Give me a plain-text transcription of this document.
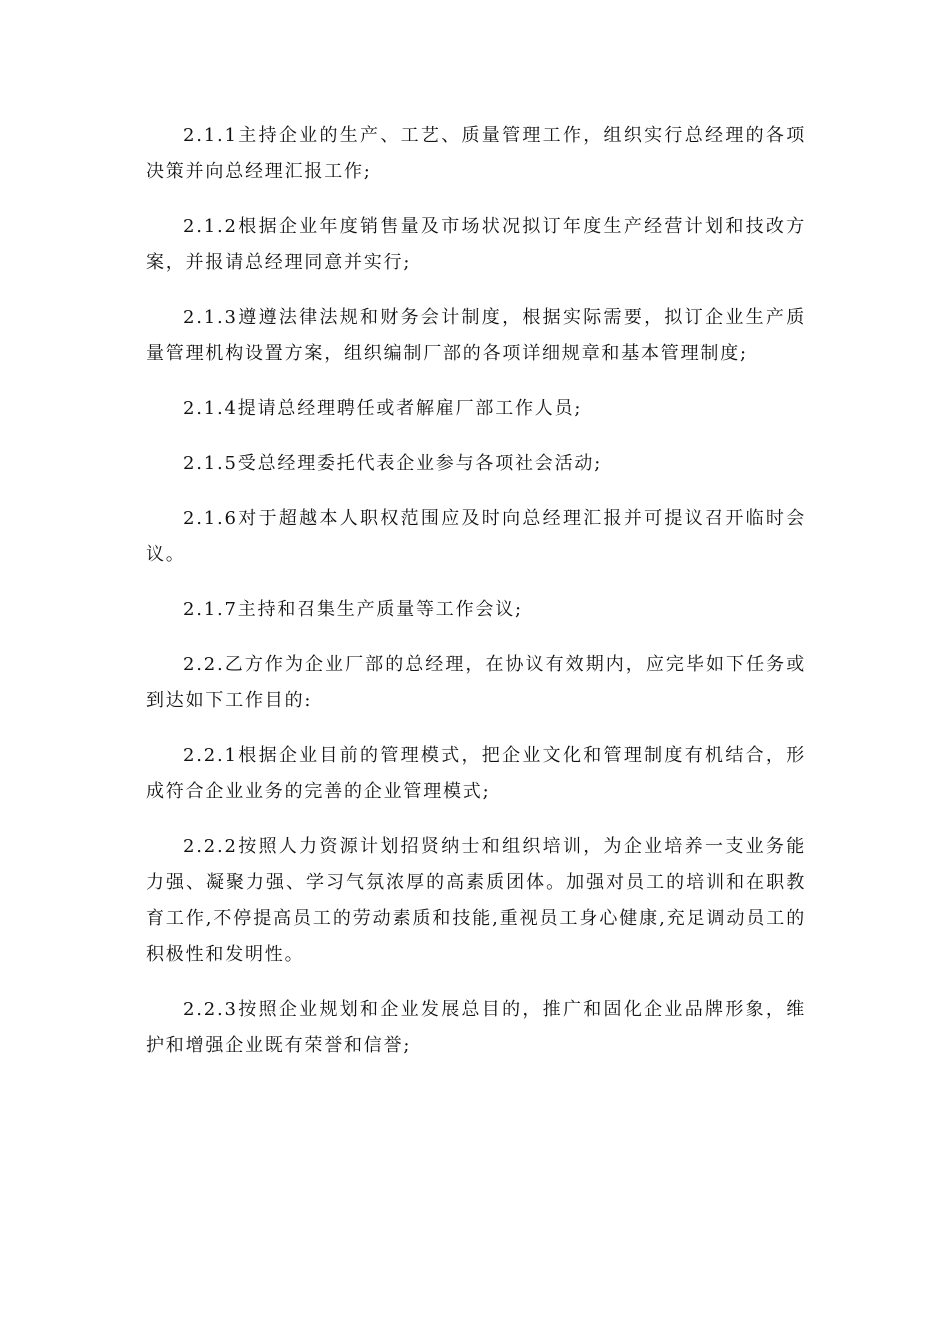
2.1.1主持企业的生产、工艺、质量管理工作，组织实行总经理的各项决策并向总经理汇报工作;

2.1.2根据企业年度销售量及市场状况拟订年度生产经营计划和技改方案，并报请总经理同意并实行;

2.1.3遵遵法律法规和财务会计制度，根据实际需要，拟订企业生产质量管理机构设置方案，组织编制厂部的各项详细规章和基本管理制度;

2.1.4提请总经理聘任或者解雇厂部工作人员;

2.1.5受总经理委托代表企业参与各项社会活动;

2.1.6对于超越本人职权范围应及时向总经理汇报并可提议召开临时会议。

2.1.7主持和召集生产质量等工作会议;

2.2.乙方作为企业厂部的总经理，在协议有效期内，应完毕如下任务或到达如下工作目的:

2.2.1根据企业目前的管理模式，把企业文化和管理制度有机结合，形成符合企业业务的完善的企业管理模式;

2.2.2按照人力资源计划招贤纳士和组织培训，为企业培养一支业务能力强、凝聚力强、学习气氛浓厚的高素质团体。加强对员工的培训和在职教育工作,不停提高员工的劳动素质和技能,重视员工身心健康,充足调动员工的积极性和发明性。

2.2.3按照企业规划和企业发展总目的，推广和固化企业品牌形象，维护和增强企业既有荣誉和信誉;
